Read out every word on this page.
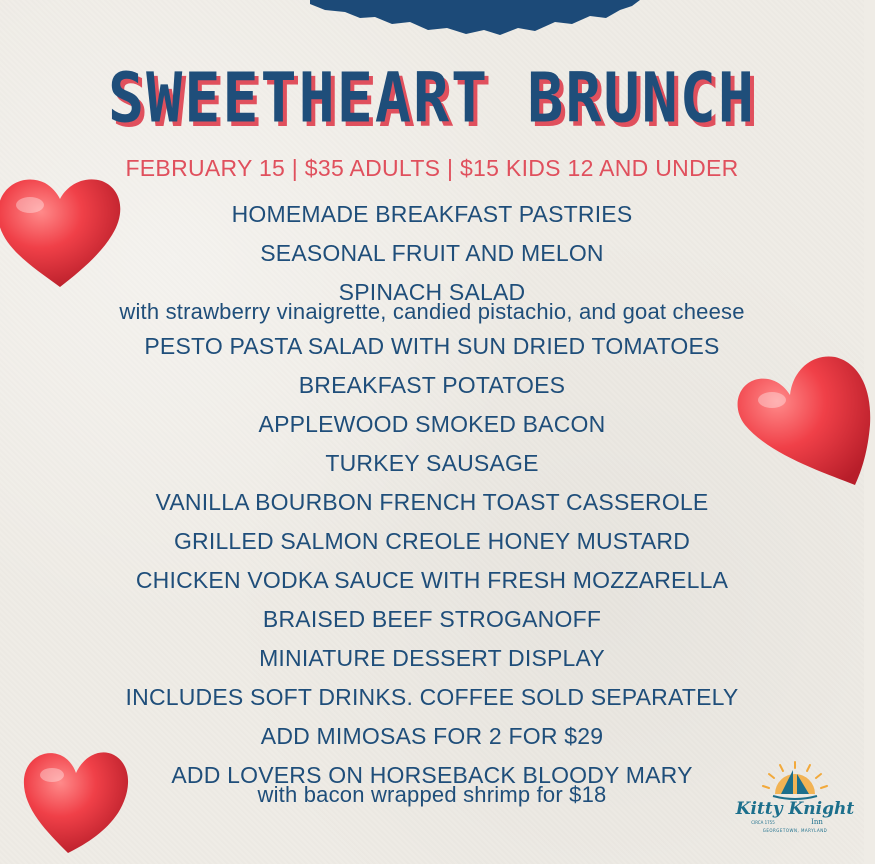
SWEETHEART BRUNCH
FEBRUARY 15 | $35 ADULTS | $15 KIDS 12 AND UNDER
HOMEMADE BREAKFAST PASTRIES
SEASONAL FRUIT AND MELON
SPINACH SALAD
with strawberry vinaigrette, candied pistachio, and goat cheese
PESTO PASTA SALAD WITH SUN DRIED TOMATOES
BREAKFAST POTATOES
APPLEWOOD SMOKED BACON
TURKEY SAUSAGE
VANILLA BOURBON FRENCH TOAST CASSEROLE
GRILLED SALMON CREOLE HONEY MUSTARD
CHICKEN VODKA SAUCE WITH FRESH MOZZARELLA
BRAISED BEEF STROGANOFF
MINIATURE DESSERT DISPLAY
INCLUDES SOFT DRINKS. COFFEE SOLD SEPARATELY
ADD MIMOSAS FOR 2 FOR $29
ADD LOVERS ON HORSEBACK BLOODY MARY
with bacon wrapped shrimp for $18
Kitty Knight
Inn
CIRCA 1755
GEORGETOWN, MARYLAND
